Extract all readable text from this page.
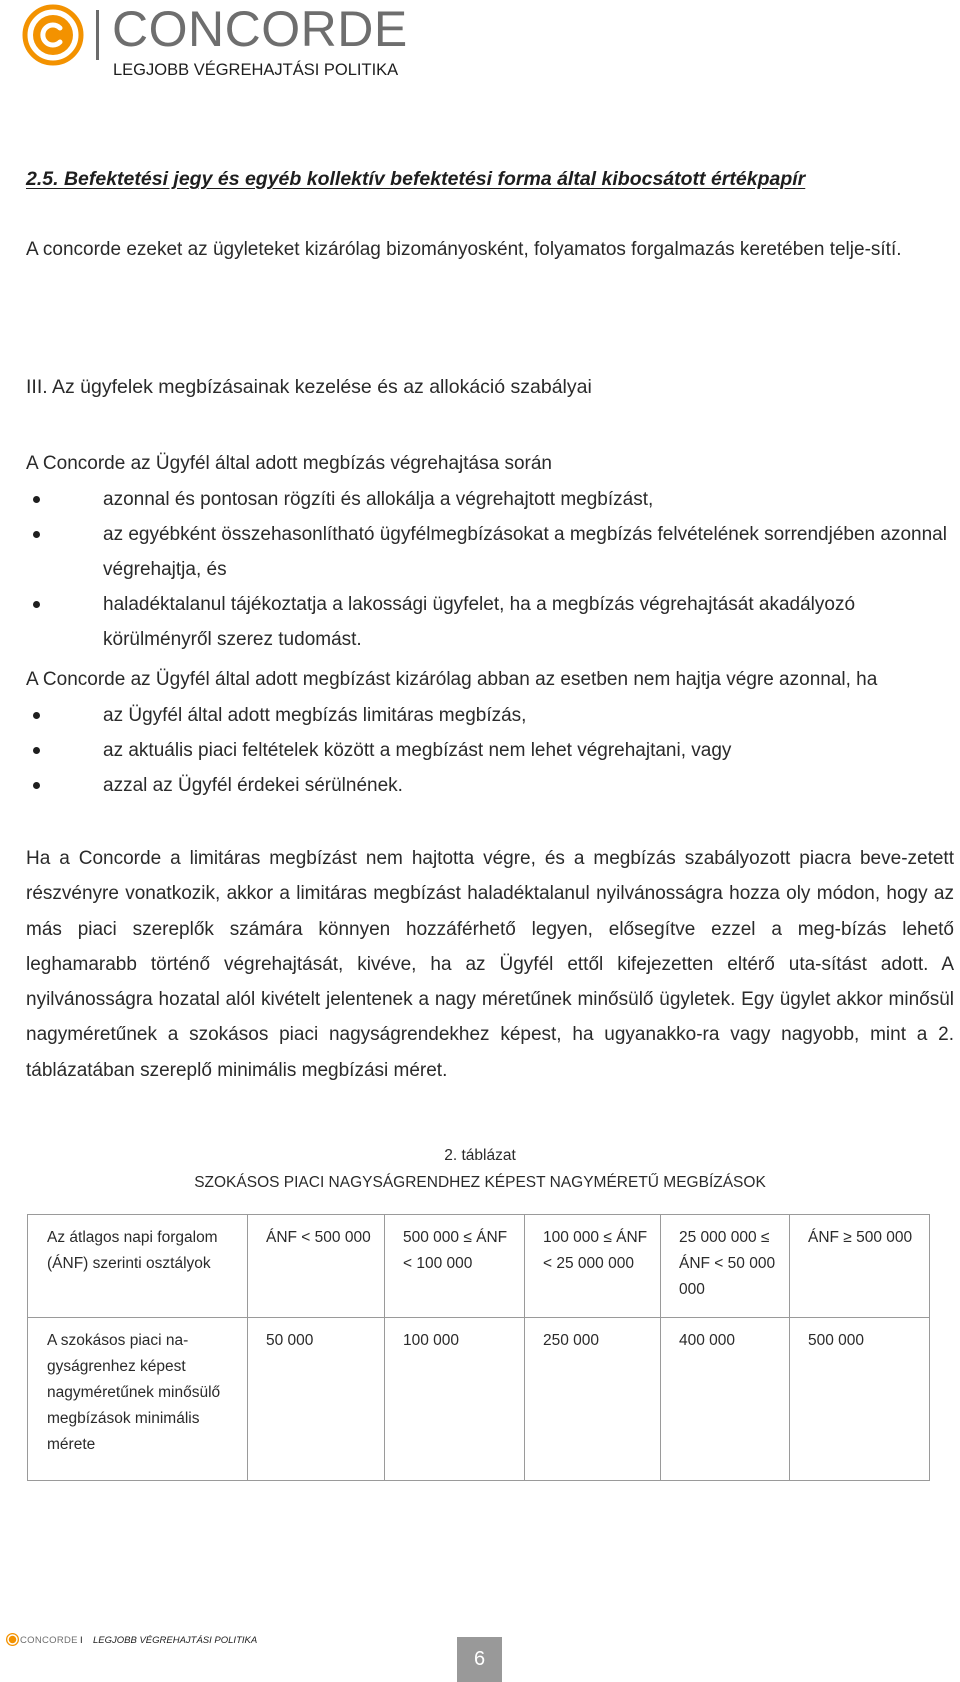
CONCORDE
LEGJOBB VÉGREHAJTÁSI POLITIKA
2.5. Befektetési jegy és egyéb kollektív befektetési forma által kibocsátott értékpapír
A concorde ezeket az ügyleteket kizárólag bizományosként, folyamatos forgalmazás keretében telje-sítí.
III. Az ügyfelek megbízásainak kezelése és az allokáció szabályai
A Concorde az Ügyfél által adott megbízás végrehajtása során
azonnal és pontosan rögzíti és allokálja a végrehajtott megbízást,
az egyébként összehasonlítható ügyfélmegbízásokat a megbízás felvételének sorrendjében azonnal végrehajtja, és
haladéktalanul tájékoztatja a lakossági ügyfelet, ha a megbízás végrehajtását akadályozó körülményről szerez tudomást.
A Concorde az Ügyfél által adott megbízást kizárólag abban az esetben nem hajtja végre azonnal, ha
az Ügyfél által adott megbízás limitáras megbízás,
az aktuális piaci feltételek között a megbízást nem lehet végrehajtani, vagy
azzal az Ügyfél érdekei sérülnének.
Ha a Concorde a limitáras megbízást nem hajtotta végre, és a megbízás szabályozott piacra beve-zetett részvényre vonatkozik, akkor a limitáras megbízást haladéktalanul nyilvánosságra hozza oly módon, hogy az más piaci szereplők számára könnyen hozzáférhető legyen, elősegítve ezzel a meg-bízás lehető leghamarabb történő végrehajtását, kivéve, ha az Ügyfél ettől kifejezetten eltérő uta-sítást adott. A nyilvánosságra hozatal alól kivételt jelentenek a nagy méretűnek minősülő ügyletek. Egy ügylet akkor minősül nagyméretűnek a szokásos piaci nagyságrendekhez képest, ha ugyanakko-ra vagy nagyobb, mint a 2. táblázatában szereplő minimális megbízási méret.
2. táblázat
SZOKÁSOS PIACI NAGYSÁGRENDHEZ KÉPEST NAGYMÉRETŰ MEGBÍZÁSOK
Az átlagos napi forgalom (ÁNF) szerinti osztályok	ÁNF < 500 000	500 000 ≤ ÁNF < 100 000	100 000 ≤ ÁNF < 25 000 000	25 000 000 ≤ ÁNF < 50 000 000	ÁNF ≥ 500 000
A szokásos piaci na-gyságrenhez képest nagyméretűnek minősülő megbízások minimális mérete	50 000	100 000	250 000	400 000	500 000
CONCORDE I LEGJOBB VÉGREHAJTÁSI POLITIKA
6
